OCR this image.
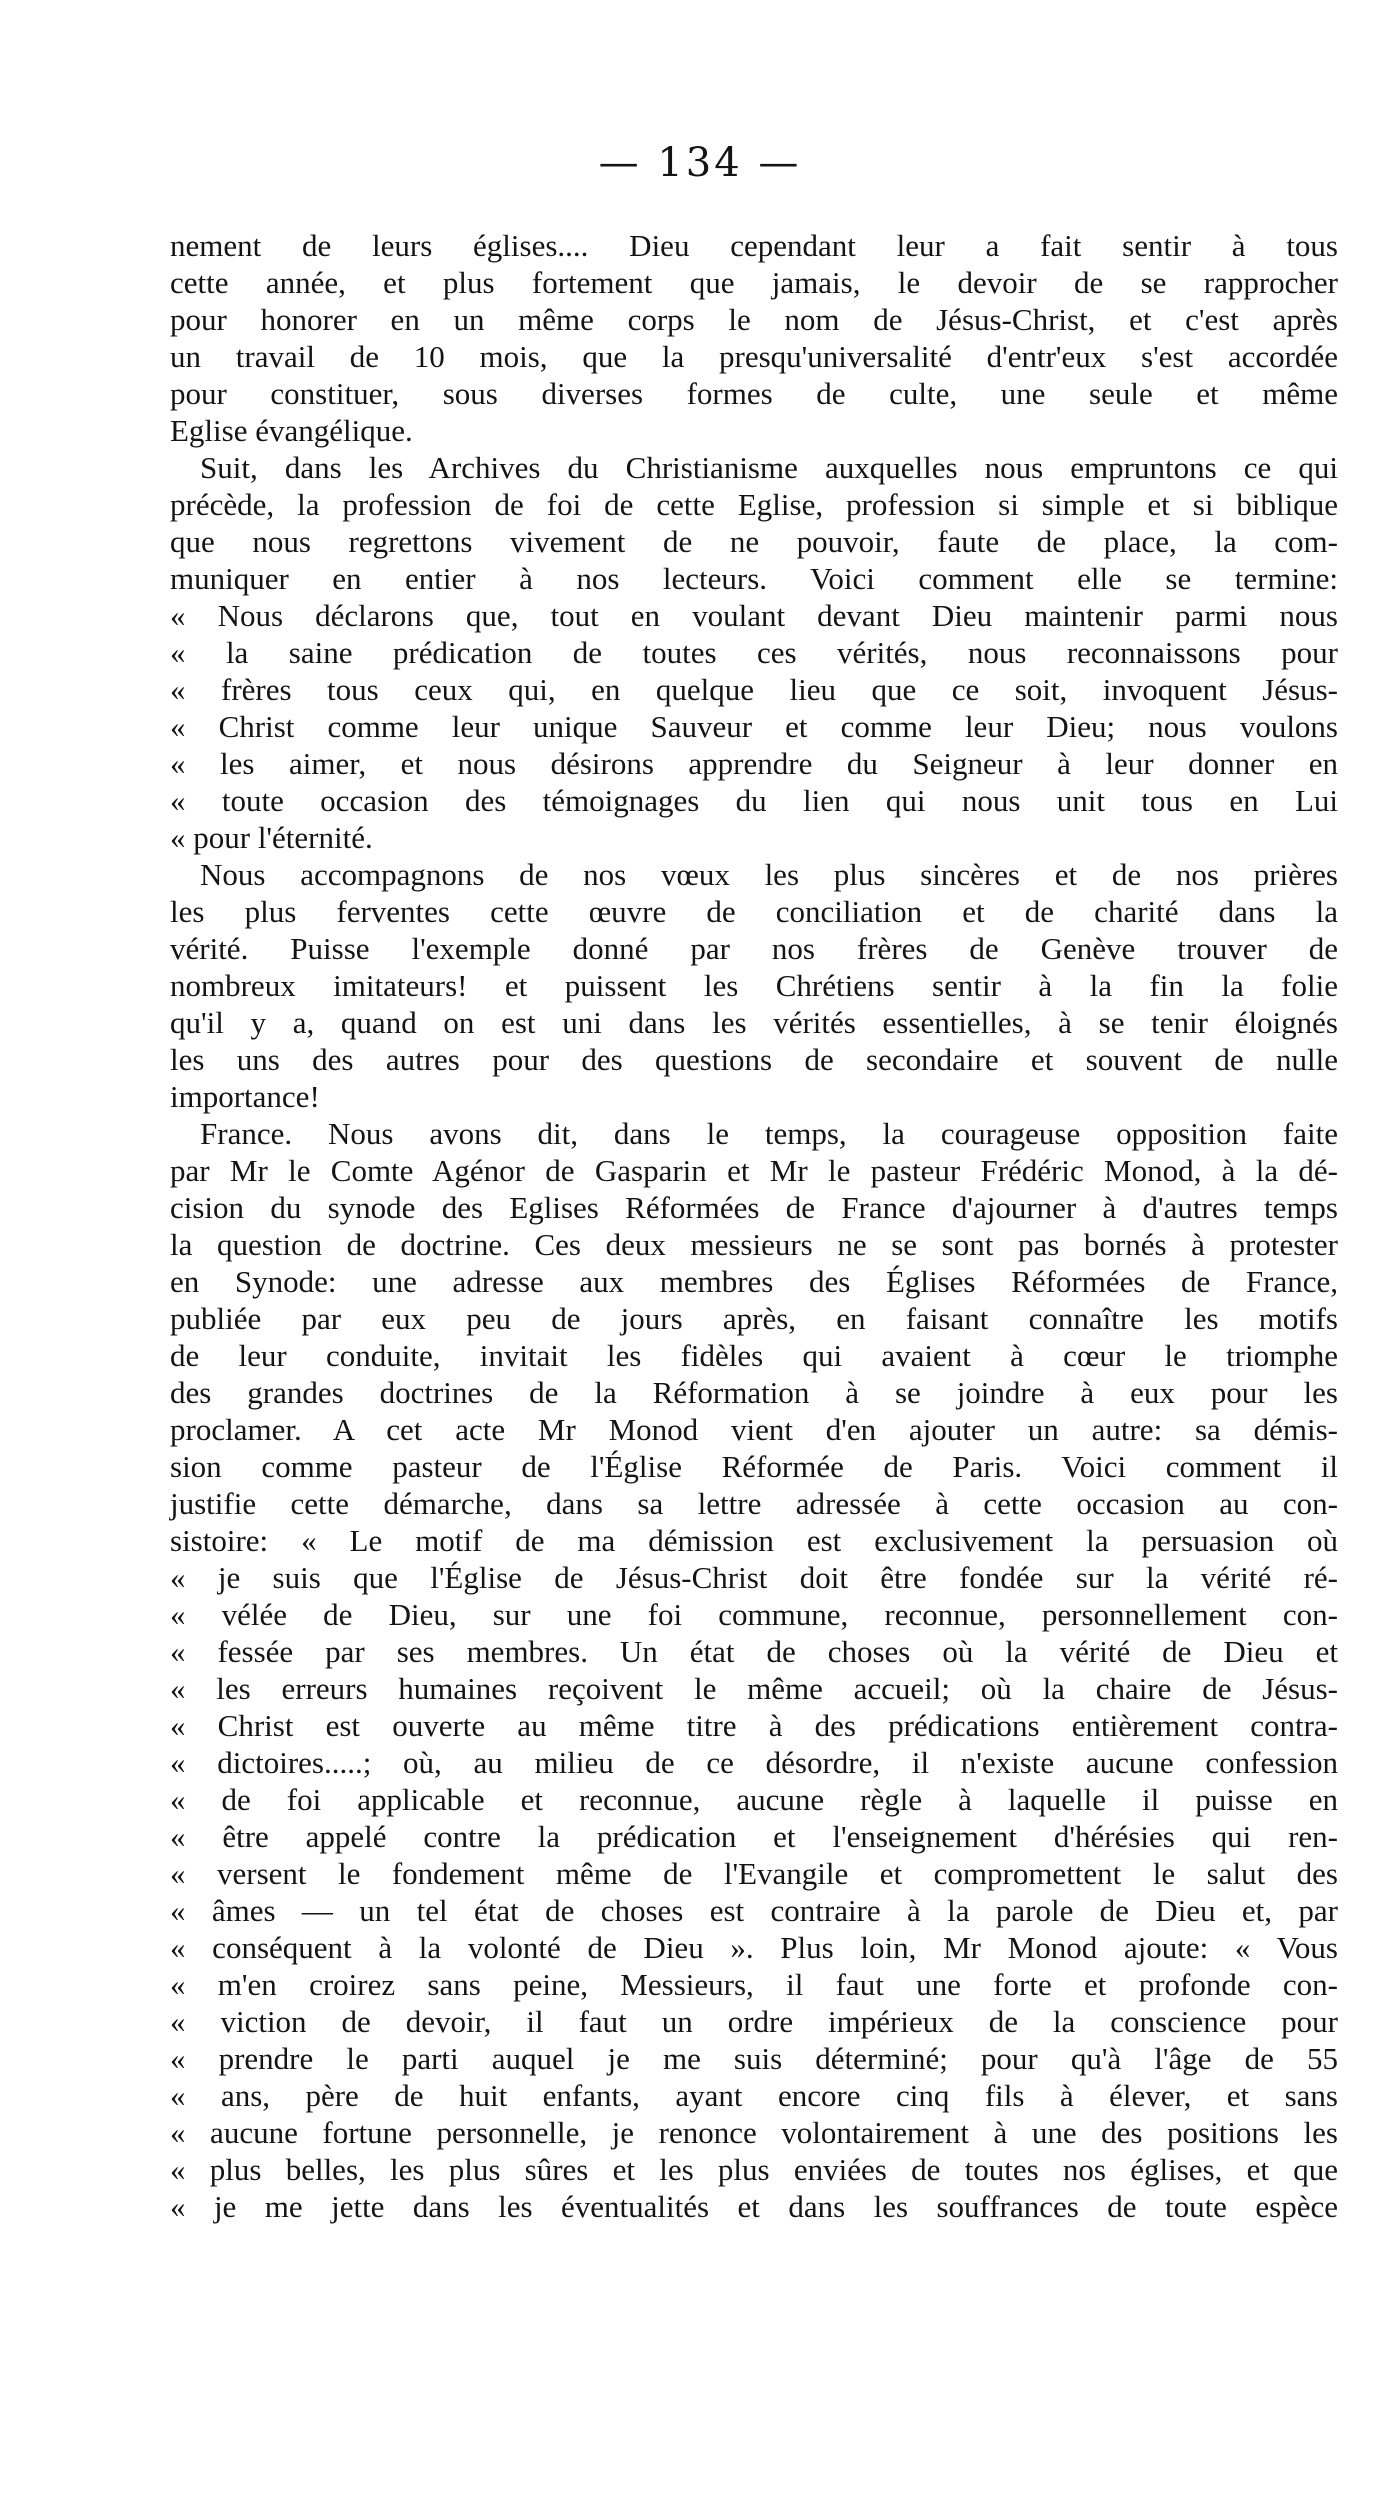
— 134 —
nement de leurs églises.... Dieu cependant leur a fait sentir à tous
cette année, et plus fortement que jamais, le devoir de se rapprocher
pour honorer en un même corps le nom de Jésus-Christ, et c'est après
un travail de 10 mois, que la presqu'universalité d'entr'eux s'est accordée
pour constituer, sous diverses formes de culte, une seule et même
Eglise évangélique.
Suit, dans les Archives du Christianisme auxquelles nous empruntons ce qui
précède, la profession de foi de cette Eglise, profession si simple et si biblique
que nous regrettons vivement de ne pouvoir, faute de place, la com-
muniquer en entier à nos lecteurs. Voici comment elle se termine:
« Nous déclarons que, tout en voulant devant Dieu maintenir parmi nous
« la saine prédication de toutes ces vérités, nous reconnaissons pour
« frères tous ceux qui, en quelque lieu que ce soit, invoquent Jésus-
« Christ comme leur unique Sauveur et comme leur Dieu; nous voulons
« les aimer, et nous désirons apprendre du Seigneur à leur donner en
« toute occasion des témoignages du lien qui nous unit tous en Lui
« pour l'éternité.
Nous accompagnons de nos vœux les plus sincères et de nos prières
les plus ferventes cette œuvre de conciliation et de charité dans la
vérité. Puisse l'exemple donné par nos frères de Genève trouver de
nombreux imitateurs! et puissent les Chrétiens sentir à la fin la folie
qu'il y a, quand on est uni dans les vérités essentielles, à se tenir éloignés
les uns des autres pour des questions de secondaire et souvent de nulle
importance!
France. Nous avons dit, dans le temps, la courageuse opposition faite
par Mr le Comte Agénor de Gasparin et Mr le pasteur Frédéric Monod, à la dé-
cision du synode des Eglises Réformées de France d'ajourner à d'autres temps
la question de doctrine. Ces deux messieurs ne se sont pas bornés à protester
en Synode: une adresse aux membres des Églises Réformées de France,
publiée par eux peu de jours après, en faisant connaître les motifs
de leur conduite, invitait les fidèles qui avaient à cœur le triomphe
des grandes doctrines de la Réformation à se joindre à eux pour les
proclamer. A cet acte Mr Monod vient d'en ajouter un autre: sa démis-
sion comme pasteur de l'Église Réformée de Paris. Voici comment il
justifie cette démarche, dans sa lettre adressée à cette occasion au con-
sistoire: « Le motif de ma démission est exclusivement la persuasion où
« je suis que l'Église de Jésus-Christ doit être fondée sur la vérité ré-
« vélée de Dieu, sur une foi commune, reconnue, personnellement con-
« fessée par ses membres. Un état de choses où la vérité de Dieu et
« les erreurs humaines reçoivent le même accueil; où la chaire de Jésus-
« Christ est ouverte au même titre à des prédications entièrement contra-
« dictoires.....; où, au milieu de ce désordre, il n'existe aucune confession
« de foi applicable et reconnue, aucune règle à laquelle il puisse en
« être appelé contre la prédication et l'enseignement d'hérésies qui ren-
« versent le fondement même de l'Evangile et compromettent le salut des
« âmes — un tel état de choses est contraire à la parole de Dieu et, par
« conséquent à la volonté de Dieu ». Plus loin, Mr Monod ajoute: « Vous
« m'en croirez sans peine, Messieurs, il faut une forte et profonde con-
« viction de devoir, il faut un ordre impérieux de la conscience pour
« prendre le parti auquel je me suis déterminé; pour qu'à l'âge de 55
« ans, père de huit enfants, ayant encore cinq fils à élever, et sans
« aucune fortune personnelle, je renonce volontairement à une des positions les
« plus belles, les plus sûres et les plus enviées de toutes nos églises, et que
« je me jette dans les éventualités et dans les souffrances de toute espèce
